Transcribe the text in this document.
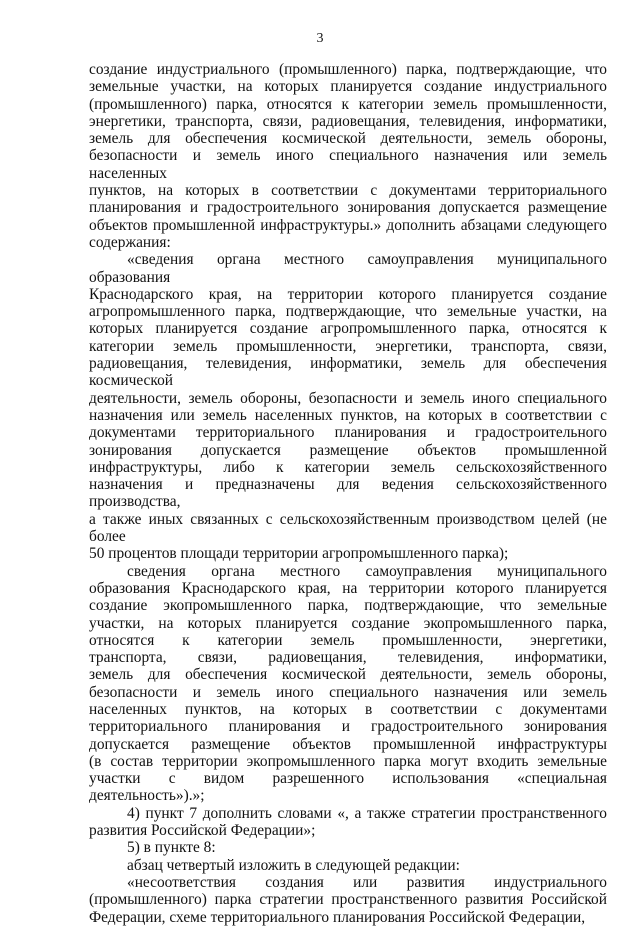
3

создание индустриального (промышленного) парка, подтверждающие, что

земельные участки, на которых планируется создание индустриального

(промышленного) парка, относятся к категории земель промышленности,

энергетики, транспорта, связи, радиовещания, телевидения, информатики,

земель для обеспечения космической деятельности, земель обороны,

безопасности и земель иного специального назначения или земель населенных

пунктов, на которых в соответствии с документами территориального

планирования и градостроительного зонирования допускается размещение

объектов промышленной инфраструктуры.» дополнить абзацами следующего

содержания:

«сведения органа местного самоуправления муниципального образования

Краснодарского края, на территории которого планируется создание

агропромышленного парка, подтверждающие, что земельные участки, на

которых планируется создание агропромышленного парка, относятся к

категории земель промышленности, энергетики, транспорта, связи,

радиовещания, телевидения, информатики, земель для обеспечения космической

деятельности, земель обороны, безопасности и земель иного специального

назначения или земель населенных пунктов, на которых в соответствии с

документами территориального планирования и градостроительного

зонирования допускается размещение объектов промышленной

инфраструктуры, либо к категории земель сельскохозяйственного

назначения и предназначены для ведения сельскохозяйственного производства,

а также иных связанных с сельскохозяйственным производством целей (не более

50 процентов площади территории агропромышленного парка);

сведения органа местного самоуправления муниципального

образования Краснодарского края, на территории которого планируется

создание экопромышленного парка, подтверждающие, что земельные

участки, на которых планируется создание экопромышленного парка,

относятся к категории земель промышленности, энергетики,

транспорта, связи, радиовещания, телевидения, информатики,

земель для обеспечения космической деятельности, земель обороны,

безопасности и земель иного специального назначения или земель

населенных пунктов, на которых в соответствии с документами

территориального планирования и градостроительного зонирования

допускается размещение объектов промышленной инфраструктуры

(в состав территории экопромышленного парка могут входить земельные

участки с видом разрешенного использования «специальная

деятельность»).»;

4) пункт 7 дополнить словами «, а также стратегии пространственного

развития Российской Федерации»;

5) в пункте 8:

абзац четвертый изложить в следующей редакции:

«несоответствия создания или развития индустриального

(промышленного) парка стратегии пространственного развития Российской

Федерации, схеме территориального планирования Российской Федерации,
